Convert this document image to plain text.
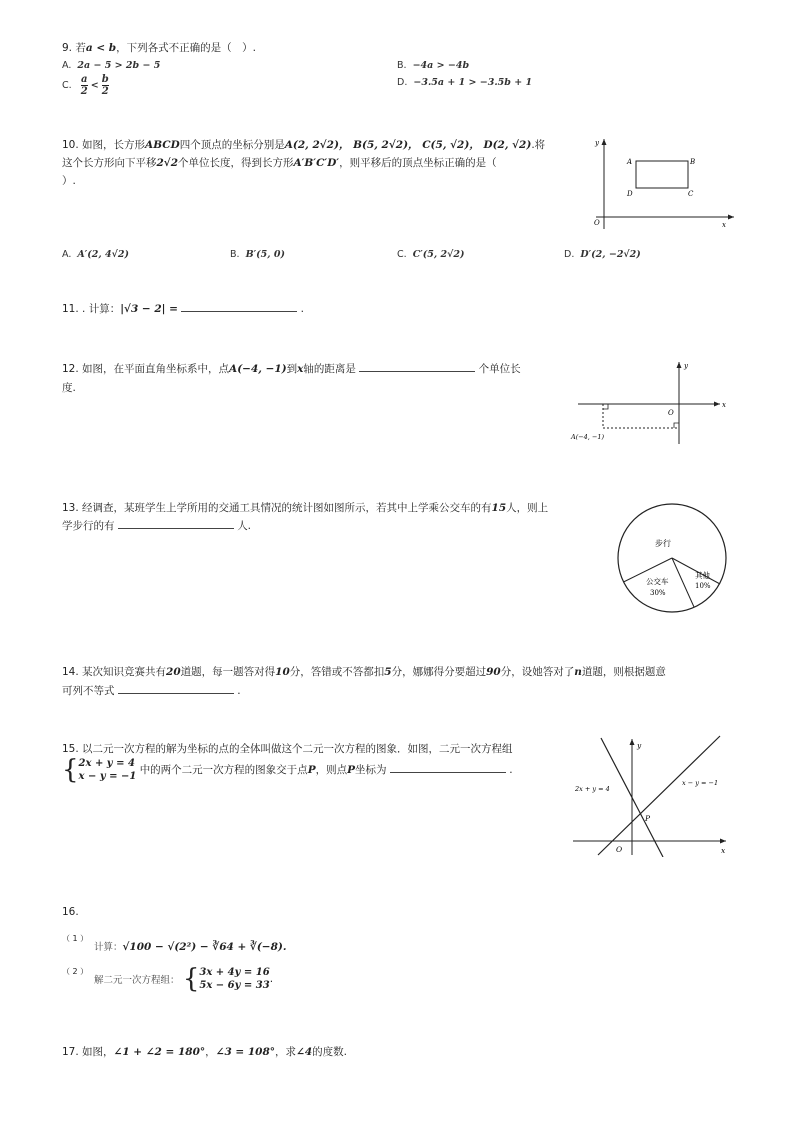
9. 若a < b，下列各式不正确的是（　）.
A. 2a − 5 > 2b − 5	B. −4a > −4b
C. $\frac{a}{2} < \frac{b}{2}$	D. −3.5a + 1 > −3.5b + 1
10. 如图，长方形ABCD四个顶点的坐标分别是A(2, 2√2)， B(5, 2√2)， C(5, √2)， D(2, √2).将
这个长方形向下平移2√2个单位长度，得到长方形A′B′C′D′，则平移后的顶点坐标正确的是（
）.
y
x
O
A	B
C
D
A. A′(2, 4√2)	B. B′(5, 0)	C. C′(5, 2√2)	D. D′(2, −2√2)
11. . 计算：|√3 − 2| =	.
12. 如图，在平面直角坐标系中，点A(−4, −1)到x轴的距离是	个单位长
度.
y
x
O
A(−4, −1)
13. 经调查，某班学生上学所用的交通工具情况的统计图如图所示，若其中上学乘公交车的有15人，则上
学步行的有	人.
步行
公交车
30%
其他
10%
14. 某次知识竞赛共有20道题，每一题答对得10分，答错或不答都扣5分，娜娜得分要超过90分，设她答对了n道题，则根据题意
可列不等式	.
15. 以二元一次方程的解为坐标的点的全体叫做这个二元一次方程的图象．如图，二元一次方程组
{ 2x + y = 4
x − y = −1
中的两个二元一次方程的图象交于点P，则点P坐标为	.
y
x
O
P
2x + y = 4
x − y = −1
16.
（ 1 ）
计算：√100 − √(2²) − ∛64 + ∛(−8).
（ 2 ）
解二元一次方程组： { 3x + 4y = 16
5x − 6y = 33
.
17. 如图，∠1 + ∠2 = 180°，∠3 = 108°，求∠4的度数.
